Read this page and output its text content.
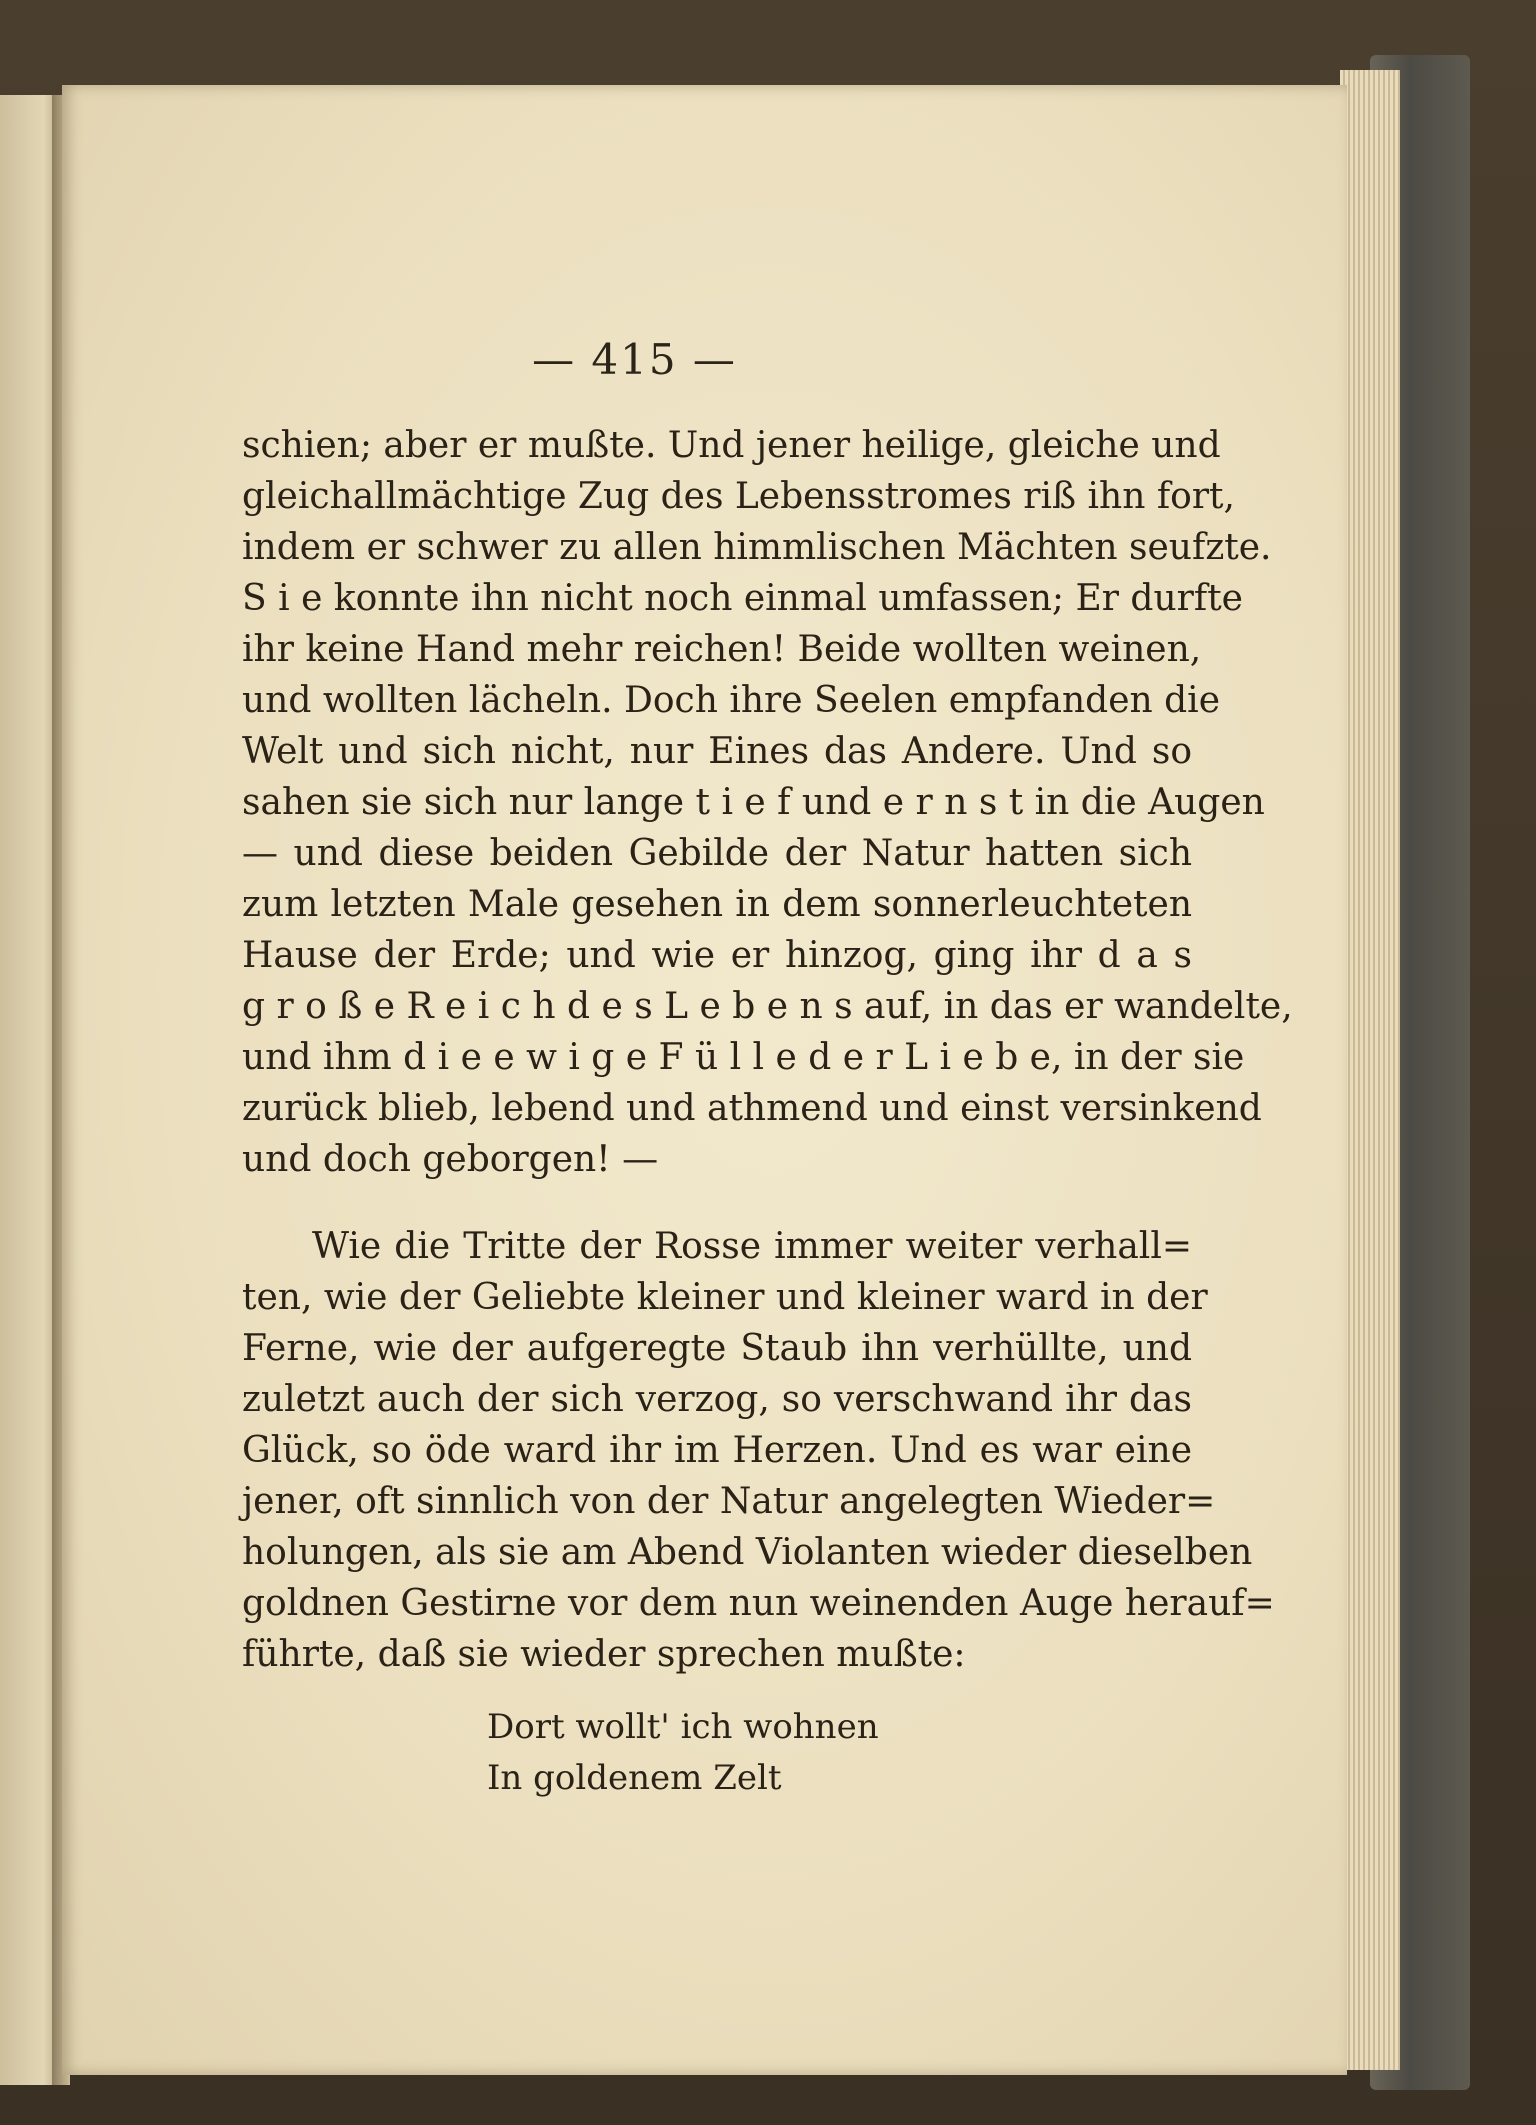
— 415 —
schien; aber er mußte. Und jener heilige, gleiche und
gleichallmächtige Zug des Lebensstromes riß ihn fort,
indem er schwer zu allen himmlischen Mächten seufzte.
S i e konnte ihn nicht noch einmal umfassen; Er durfte
ihr keine Hand mehr reichen! Beide wollten weinen,
und wollten lächeln. Doch ihre Seelen empfanden die
Welt und sich nicht, nur Eines das Andere. Und so
sahen sie sich nur lange t i e f und e r n s t in die Augen
— und diese beiden Gebilde der Natur hatten sich
zum letzten Male gesehen in dem sonnerleuchteten
Hause der Erde; und wie er hinzog, ging ihr d a s
g r o ß e R e i c h d e s L e b e n s auf, in das er wandelte,
und ihm d i e e w i g e F ü l l e d e r L i e b e, in der sie
zurück blieb, lebend und athmend und einst versinkend
und doch geborgen! —
Wie die Tritte der Rosse immer weiter verhall=
ten, wie der Geliebte kleiner und kleiner ward in der
Ferne, wie der aufgeregte Staub ihn verhüllte, und
zuletzt auch der sich verzog, so verschwand ihr das
Glück, so öde ward ihr im Herzen. Und es war eine
jener, oft sinnlich von der Natur angelegten Wieder=
holungen, als sie am Abend Violanten wieder dieselben
goldnen Gestirne vor dem nun weinenden Auge herauf=
führte, daß sie wieder sprechen mußte:
Dort wollt' ich wohnen
In goldenem Zelt
